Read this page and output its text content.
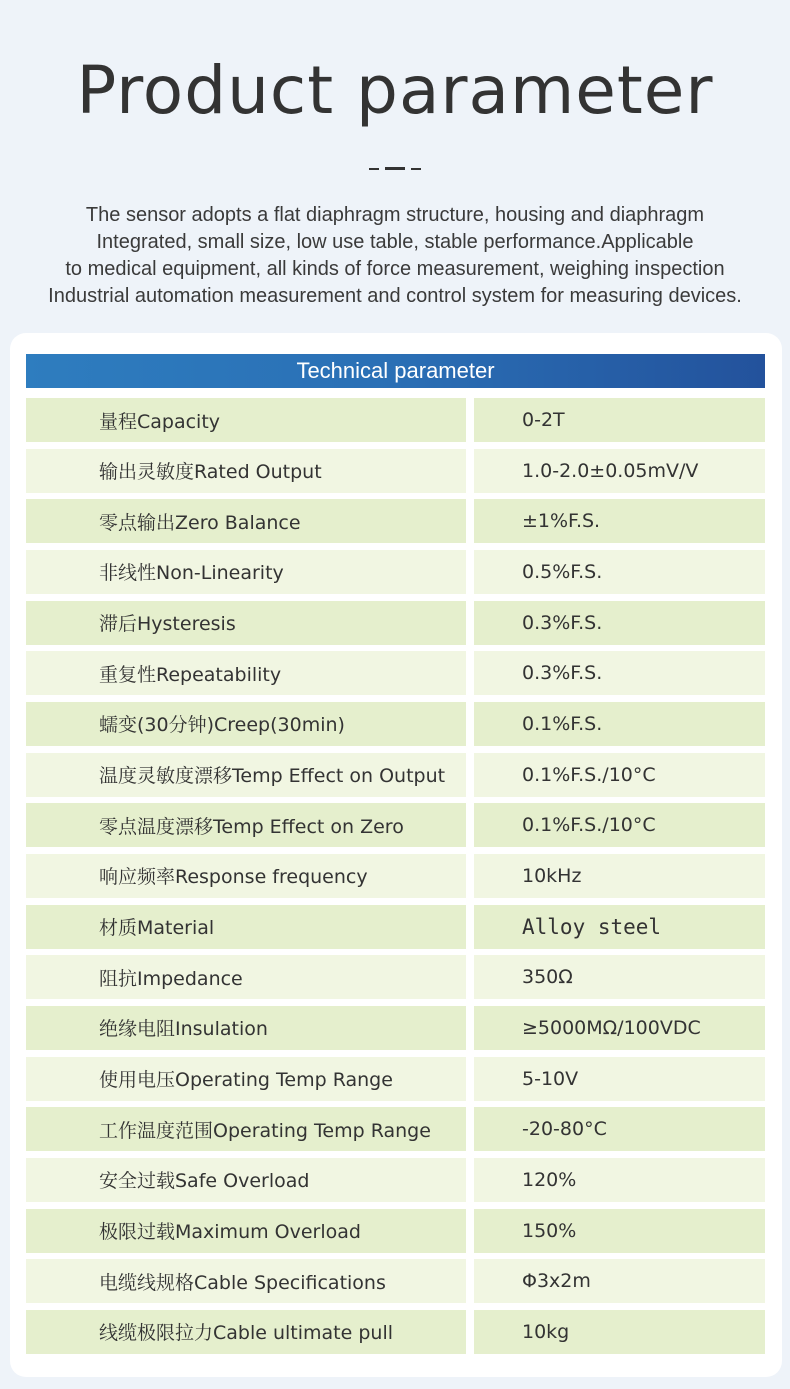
Product parameter
The sensor adopts a flat diaphragm structure, housing and diaphragm
Integrated, small size, low use table, stable performance.Applicable
to medical equipment, all kinds of force measurement, weighing inspection
Industrial automation measurement and control system for measuring devices.
Technical parameter
量程Capacity	0-2T
输出灵敏度Rated Output	1.0-2.0±0.05mV/V
零点输出Zero Balance	±1%F.S.
非线性Non-Linearity	0.5%F.S.
滞后Hysteresis	0.3%F.S.
重复性Repeatability	0.3%F.S.
蠕变(30分钟)Creep(30min)	0.1%F.S.
温度灵敏度漂移Temp Effect on Output	0.1%F.S./10°C
零点温度漂移Temp Effect on Zero	0.1%F.S./10°C
响应频率Response frequency	10kHz
材质Material	Alloy steel
阻抗Impedance	350Ω
绝缘电阻Insulation	≥5000MΩ/100VDC
使用电压Operating Temp Range	5-10V
工作温度范围Operating Temp Range	-20-80°C
安全过载Safe Overload	120%
极限过载Maximum Overload	150%
电缆线规格Cable Specifications	Φ3x2m
线缆极限拉力Cable ultimate pull	10kg
